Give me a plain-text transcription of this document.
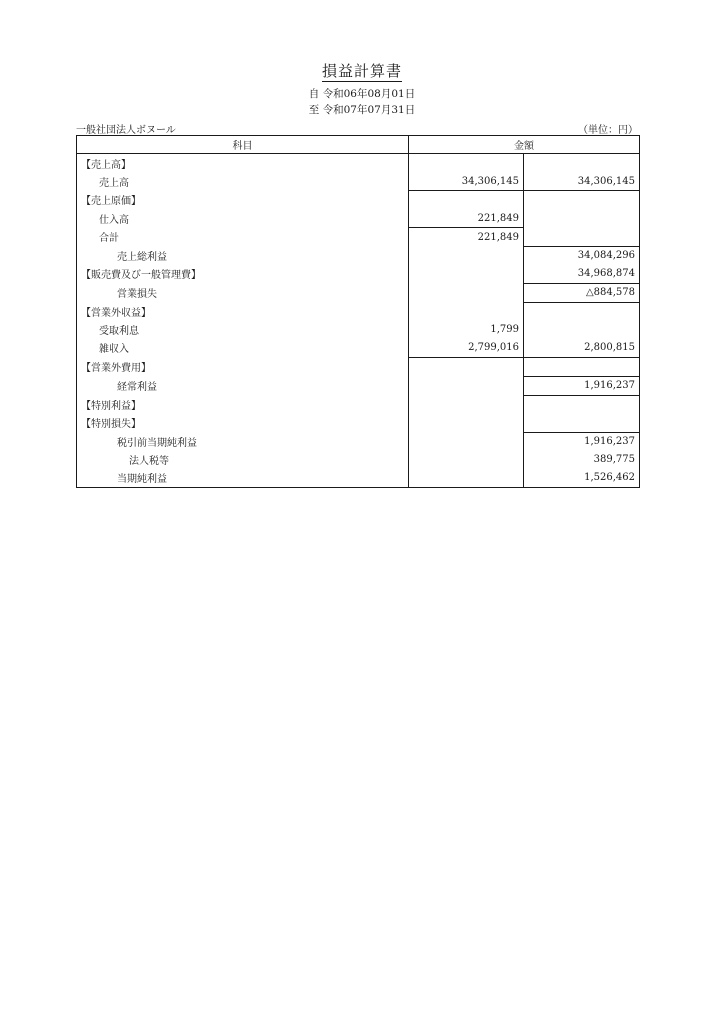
損益計算書
自 令和06年08月01日
至 令和07年07月31日
一般社団法人ボヌール	（単位：円）
科目	金額	
【売上高】		
売上高	34,306,145	34,306,145
【売上原価】		
仕入高	221,849	
合計	221,849	
売上総利益		34,084,296
【販売費及び一般管理費】		34,968,874
営業損失		△884,578
【営業外収益】		
受取利息	1,799	
雑収入	2,799,016	2,800,815
【営業外費用】		
経常利益		1,916,237
【特別利益】		
【特別損失】		
税引前当期純利益		1,916,237
法人税等		389,775
当期純利益		1,526,462
